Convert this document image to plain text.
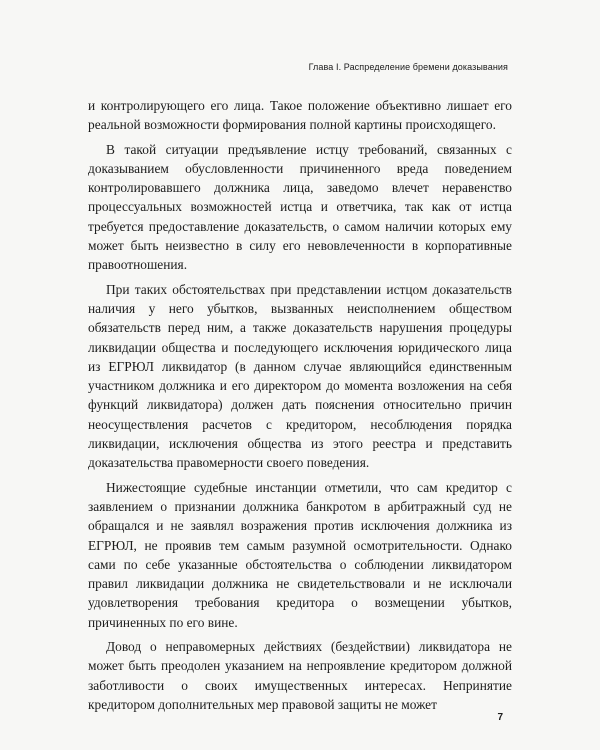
Глава I. Распределение бремени доказывания

и контролирующего его лица. Такое положение объективно лишает его реальной возможности формирования полной картины происходящего.

В такой ситуации предъявление истцу требований, связанных с доказыванием обусловленности причиненного вреда поведением контролировавшего должника лица, заведомо влечет неравенство процессуальных возможностей истца и ответчика, так как от истца требуется предоставление доказательств, о самом наличии которых ему может быть неизвестно в силу его невовлеченности в корпоративные правоотношения.

При таких обстоятельствах при представлении истцом доказательств наличия у него убытков, вызванных неисполнением обществом обязательств перед ним, а также доказательств нарушения процедуры ликвидации общества и последующего исключения юридического лица из ЕГРЮЛ ликвидатор (в данном случае являющийся единственным участником должника и его директором до момента возложения на себя функций ликвидатора) должен дать пояснения относительно причин неосуществления расчетов с кредитором, несоблюдения порядка ликвидации, исключения общества из этого реестра и представить доказательства правомерности своего поведения.

Нижестоящие судебные инстанции отметили, что сам кредитор с заявлением о признании должника банкротом в арбитражный суд не обращался и не заявлял возражения против исключения должника из ЕГРЮЛ, не проявив тем самым разумной осмотрительности. Однако сами по себе указанные обстоятельства о соблюдении ликвидатором правил ликвидации должника не свидетельствовали и не исключали удовлетворения требования кредитора о возмещении убытков, причиненных по его вине.

Довод о неправомерных действиях (бездействии) ликвидатора не может быть преодолен указанием на непроявление кредитором должной заботливости о своих имущественных интересах. Непринятие кредитором дополнительных мер правовой защиты не может

7
